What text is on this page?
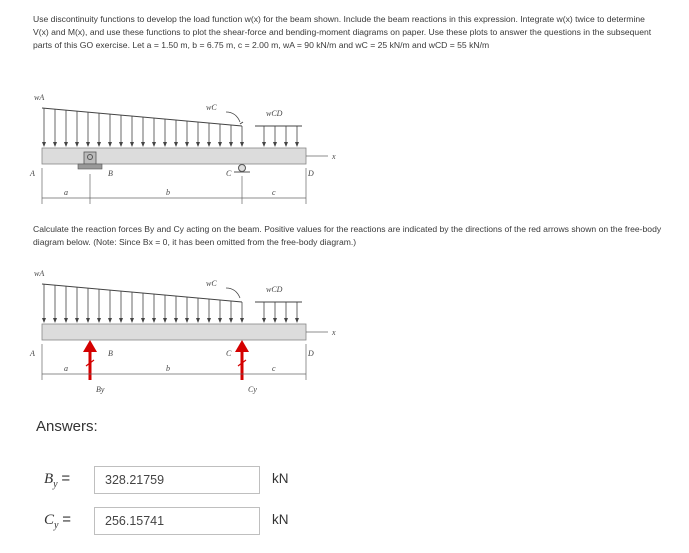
Use discontinuity functions to develop the load function w(x) for the beam shown. Include the beam reactions in this expression. Integrate w(x) twice to determine V(x) and M(x), and use these functions to plot the shear-force and bending-moment diagrams on paper. Use these plots to answer the questions in the subsequent parts of this GO exercise. Let a = 1.50 m, b = 6.75 m, c = 2.00 m, wA = 90 kN/m and wC = 25 kN/m and wCD = 55 kN/m
wA
wC
wCD
x
A	B	C	D
a	b	c
Calculate the reaction forces By and Cy acting on the beam. Positive values for the reactions are indicated by the directions of the red arrows shown on the free-body diagram below. (Note: Since Bx = 0, it has been omitted from the free-body diagram.)
wA
wC
wCD
x
A	B	C	D
a	b	c
By	Cy
Answers:
$B_y$ =
328.21759	kN
$C_y$ =
256.15741	kN
